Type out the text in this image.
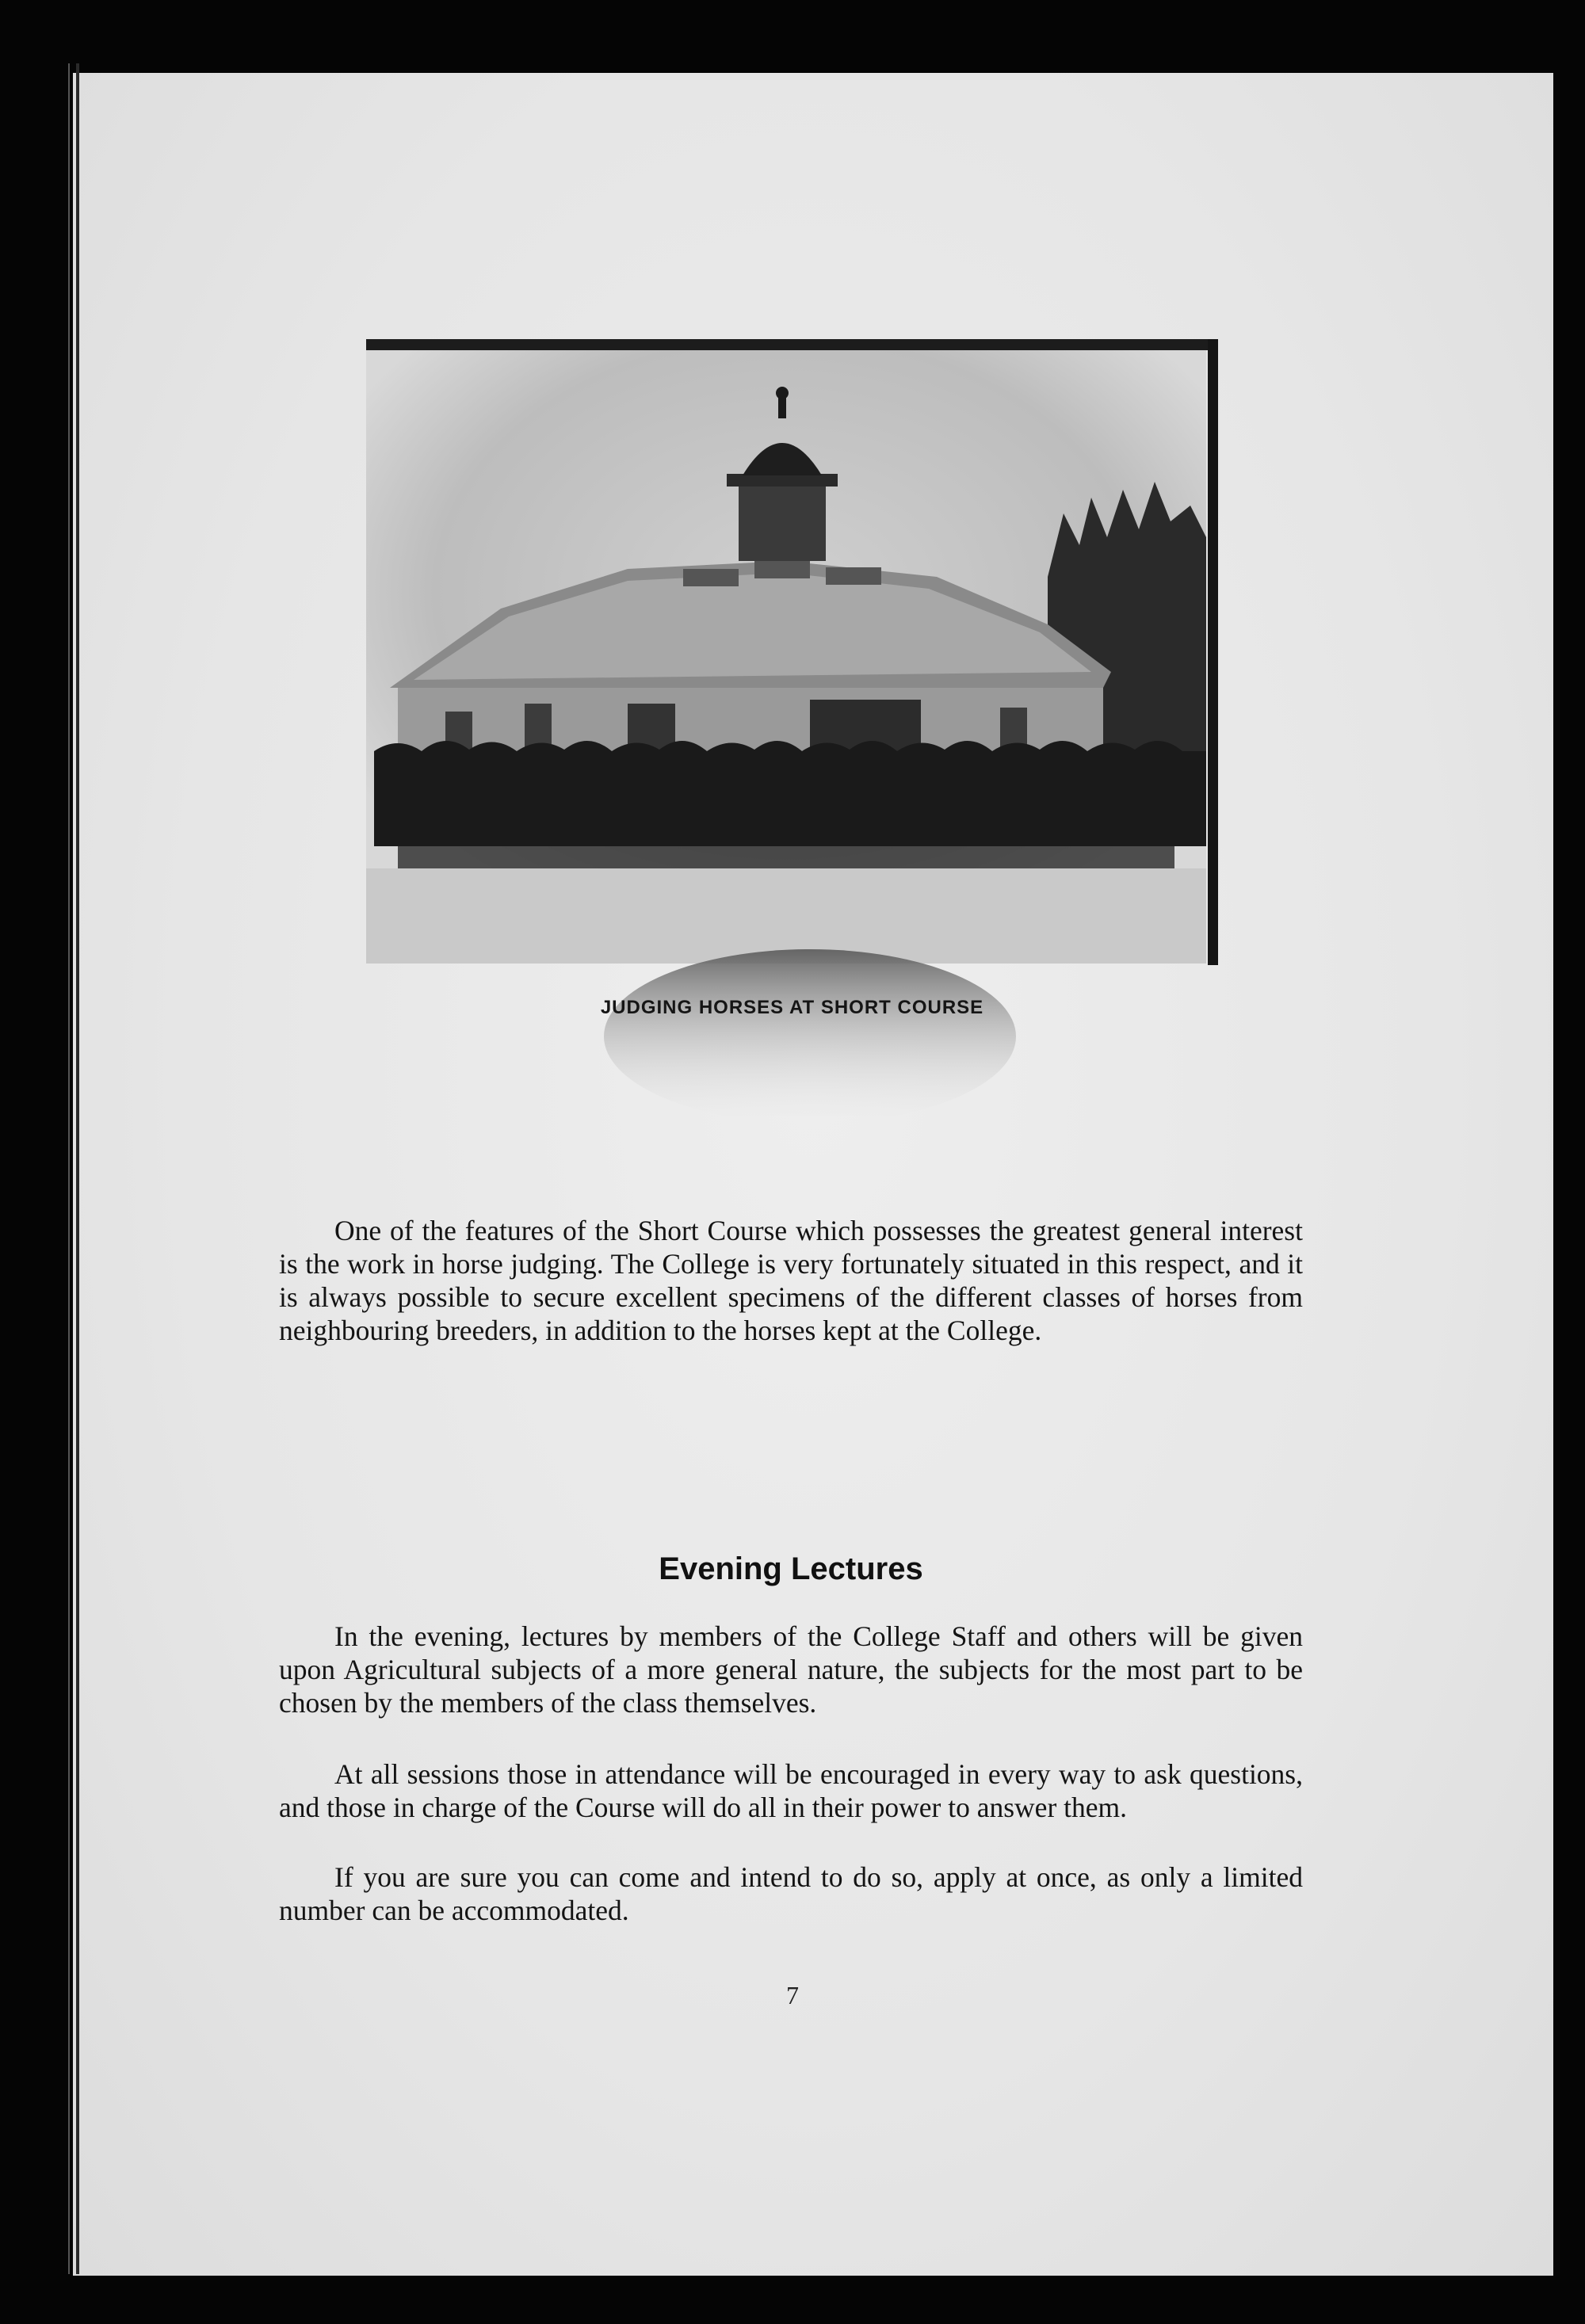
JUDGING HORSES AT SHORT COURSE

One of the features of the Short Course which possesses the greatest general interest is the work in horse judging. The College is very fortunately situated in this respect, and it is always possible to secure excellent specimens of the different classes of horses from neighbouring breeders, in addition to the horses kept at the College.

Evening Lectures

In the evening, lectures by members of the College Staff and others will be given upon Agricultural subjects of a more general nature, the subjects for the most part to be chosen by the members of the class themselves.

At all sessions those in attendance will be encouraged in every way to ask questions, and those in charge of the Course will do all in their power to answer them.

If you are sure you can come and intend to do so, apply at once, as only a limited number can be accommodated.

7
